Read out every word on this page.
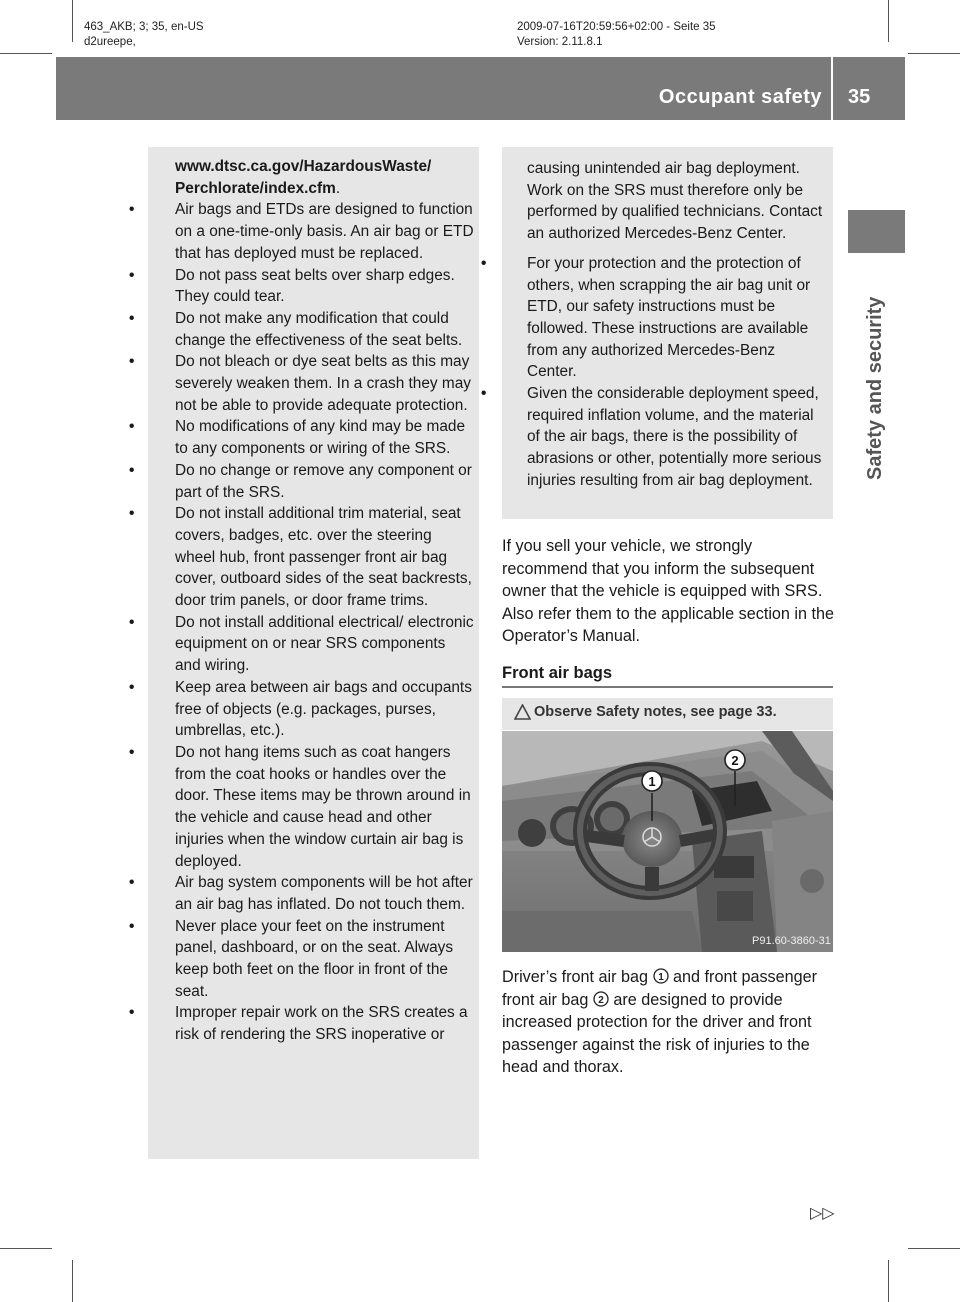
463_AKB; 3; 35, en-US
d2ureepe,
2009-07-16T20:59:56+02:00 - Seite 35
Version: 2.11.8.1
Occupant safety 35
Safety and security

www.dtsc.ca.gov/HazardousWaste/
Perchlorate/index.cfm.

• Air bags and ETDs are designed to function on a one-time-only basis. An air bag or ETD that has deployed must be replaced.

• Do not pass seat belts over sharp edges. They could tear.

• Do not make any modification that could change the effectiveness of the seat belts.

• Do not bleach or dye seat belts as this may severely weaken them. In a crash they may not be able to provide adequate protection.

• No modifications of any kind may be made to any components or wiring of the SRS.

• Do no change or remove any component or part of the SRS.

• Do not install additional trim material, seat covers, badges, etc. over the steering wheel hub, front passenger front air bag cover, outboard sides of the seat backrests, door trim panels, or door frame trims.

• Do not install additional electrical/ electronic equipment on or near SRS components and wiring.

• Keep area between air bags and occupants free of objects (e.g. packages, purses, umbrellas, etc.).

• Do not hang items such as coat hangers from the coat hooks or handles over the door. These items may be thrown around in the vehicle and cause head and other injuries when the window curtain air bag is deployed.

• Air bag system components will be hot after an air bag has inflated. Do not touch them.

• Never place your feet on the instrument panel, dashboard, or on the seat. Always keep both feet on the floor in front of the seat.

• Improper repair work on the SRS creates a risk of rendering the SRS inoperative or

causing unintended air bag deployment. Work on the SRS must therefore only be performed by qualified technicians. Contact an authorized Mercedes-Benz Center.

• For your protection and the protection of others, when scrapping the air bag unit or ETD, our safety instructions must be followed. These instructions are available from any authorized Mercedes-Benz Center.

• Given the considerable deployment speed, required inflation volume, and the material of the air bags, there is the possibility of abrasions or other, potentially more serious injuries resulting from air bag deployment.

If you sell your vehicle, we strongly recommend that you inform the subsequent owner that the vehicle is equipped with SRS. Also refer them to the applicable section in the Operator’s Manual.
Front air bags
Observe Safety notes, see page 33.
1
2
P91.60-3860-31
Driver’s front air bag 1 and front passenger front air bag 2 are designed to provide increased protection for the driver and front passenger against the risk of injuries to the head and thorax.
▷▷
